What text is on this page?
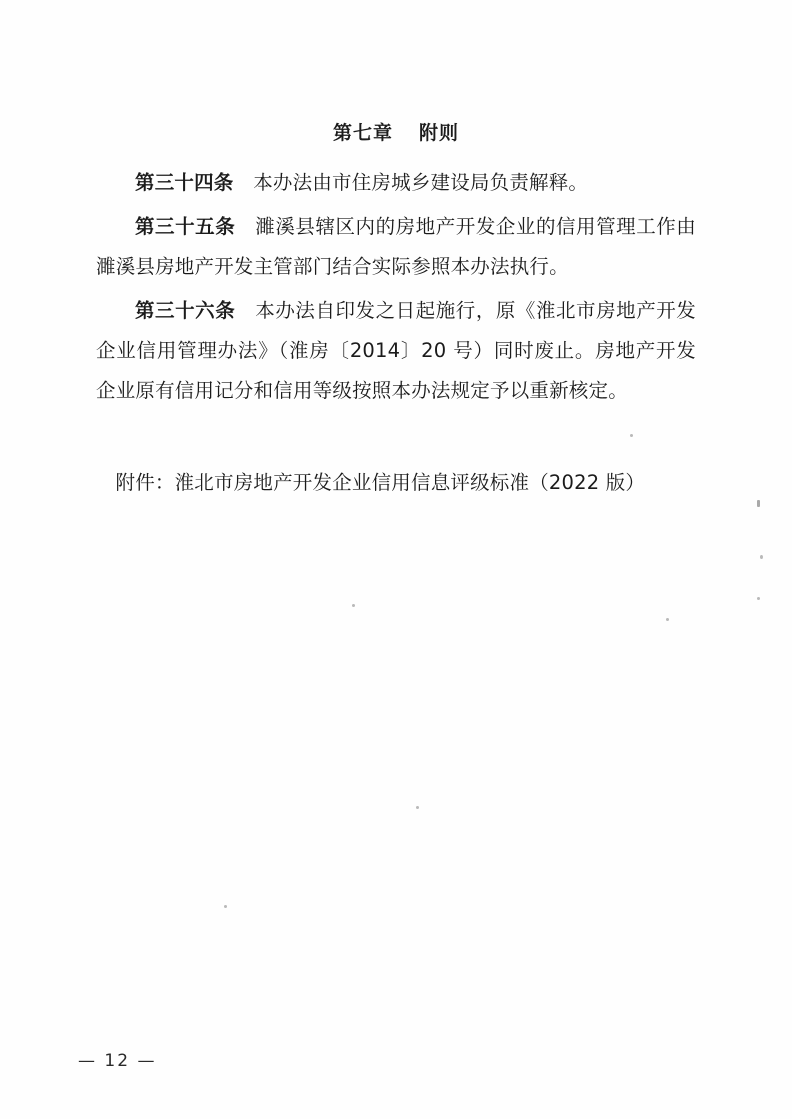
第七章 附则

第三十四条　本办法由市住房城乡建设局负责解释。

第三十五条　濉溪县辖区内的房地产开发企业的信用管理工作由濉溪县房地产开发主管部门结合实际参照本办法执行。

第三十六条　本办法自印发之日起施行，原《淮北市房地产开发企业信用管理办法》（淮房〔2014〕20 号）同时废止。房地产开发企业原有信用记分和信用等级按照本办法规定予以重新核定。

附件：淮北市房地产开发企业信用信息评级标准（2022 版）

— 12 —
